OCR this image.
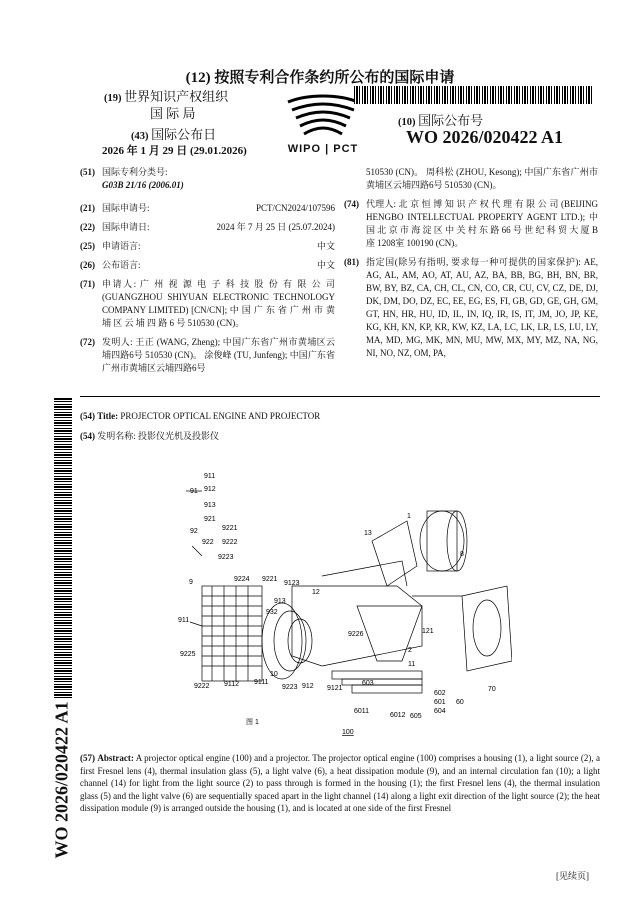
(12) 按照专利合作条约所公布的国际申请
(19) 世界知识产权组织
国 际 局
(43) 国际公布日
2026 年 1 月 29 日 (29.01.2026)	WIPO | PCT
(10) 国际公布号
WO 2026/020422 A1
WO 2026/020422 A1
(51) 国际专利分类号:
G03B 21/16 (2006.01)
(21) 国际申请号:	PCT/CN2024/107596
(22) 国际申请日:	2024 年 7 月 25 日 (25.07.2024)
(25) 申请语言:	中文
(26) 公布语言:	中文
(71) 申请人: 广 州 视 源 电 子 科 技 股 份 有 限 公 司 (GUANGZHOU SHIYUAN ELECTRONIC TECHNOLOGY COMPANY LIMITED) [CN/CN]; 中 国 广 东 省 广 州 市 黄 埔 区 云 埔 四 路 6 号 510530 (CN)。
(72) 发明人: 王正 (WANG, Zheng); 中国广东省广州市黄埔区云埔四路6号 510530 (CN)。 涂俊峰 (TU, Junfeng); 中国广东省广州市黄埔区云埔四路6号
510530 (CN)。 周科松 (ZHOU, Kesong); 中国广东省广州市黄埔区云埔四路6号 510530 (CN)。
(74) 代理人: 北 京 恒 博 知 识 产 权 代 理 有 限 公 司 (BEIJING HENGBO INTELLECTUAL PROPERTY AGENT LTD.); 中 国 北 京 市 海 淀 区 中 关 村 东 路 66 号 世 纪 科 贸 大 厦 B 座 1208室 100190 (CN)。
(81) 指定国(除另有指明, 要求每一种可提供的国家保护): AE, AG, AL, AM, AO, AT, AU, AZ, BA, BB, BG, BH, BN, BR, BW, BY, BZ, CA, CH, CL, CN, CO, CR, CU, CV, CZ, DE, DJ, DK, DM, DO, DZ, EC, EE, EG, ES, FI, GB, GD, GE, GH, GM, GT, HN, HR, HU, ID, IL, IN, IQ, IR, IS, IT, JM, JO, JP, KE, KG, KH, KN, KP, KR, KW, KZ, LA, LC, LK, LR, LS, LU, LY, MA, MD, MG, MK, MN, MU, MW, MX, MY, MZ, NA, NG, NI, NO, NZ, OM, PA,
(54) Title: PROJECTOR OPTICAL ENGINE AND PROJECTOR
(54) 发明名称: 投影仪光机及投影仪
911
912
913
921
9221
922 9222
9223
91
92
9224 9221
9123
913
932
9
911
9225
9222 9112 9111
10
9223 912 9121
12
13
1
8
9226	121
2
11
603
602
601
604
605
6011
6012
60
70
100
图 1
(57) Abstract: A projector optical engine (100) and a projector. The projector optical engine (100) comprises a housing (1), a light source (2), a first Fresnel lens (4), thermal insulation glass (5), a light valve (6), a heat dissipation module (9), and an internal circulation fan (10); a light channel (14) for light from the light source (2) to pass through is formed in the housing (1); the first Fresnel lens (4), the thermal insulation glass (5) and the light valve (6) are sequentially spaced apart in the light channel (14) along a light exit direction of the light source (2); the heat dissipation module (9) is arranged outside the housing (1), and is located at one side of the first Fresnel
[见续页]
